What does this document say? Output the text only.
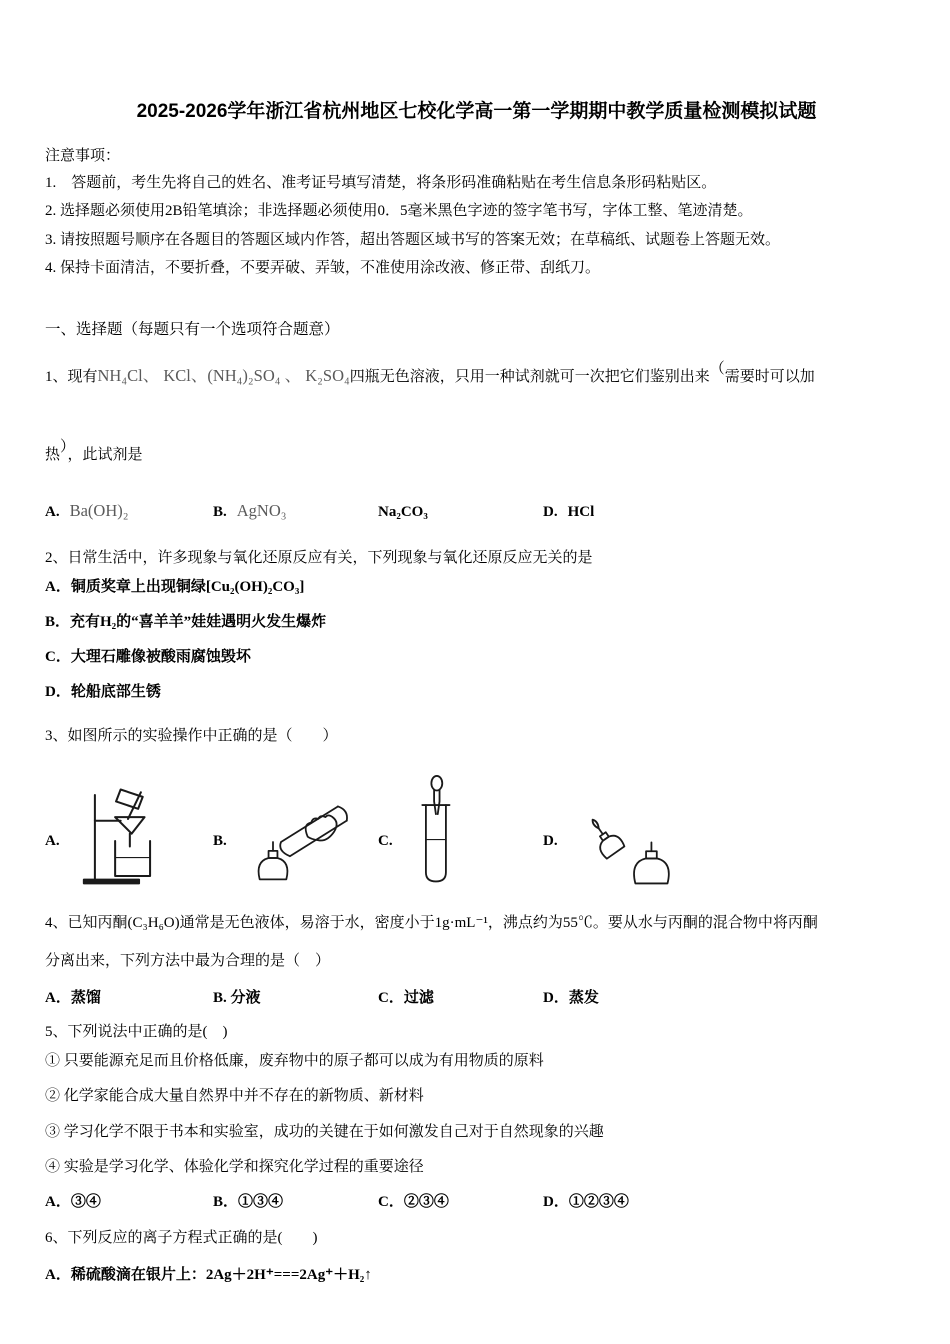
2025-2026学年浙江省杭州地区七校化学高一第一学期期中教学质量检测模拟试题

注意事项：

1.　答题前，考生先将自己的姓名、准考证号填写清楚，将条形码准确粘贴在考生信息条形码粘贴区。

2. 选择题必须使用2B铅笔填涂；非选择题必须使用0．5毫米黑色字迹的签字笔书写，字体工整、笔迹清楚。

3. 请按照题号顺序在各题目的答题区域内作答，超出答题区域书写的答案无效；在草稿纸、试题卷上答题无效。

4. 保持卡面清洁，不要折叠，不要弄破、弄皱，不准使用涂改液、修正带、刮纸刀。

一、选择题（每题只有一个选项符合题意）

1、现有NH₄Cl、 KCl、(NH₄)₂SO₄ 、 K₂SO₄四瓶无色溶液，只用一种试剂就可一次把它们鉴别出来（需要时可以加

热），此试剂是

A. Ba(OH)₂	B. AgNO₃	Na₂CO₃	D. HCl

2、日常生活中，许多现象与氧化还原反应有关，下列现象与氧化还原反应无关的是

A．铜质奖章上出现铜绿[Cu₂(OH)₂CO₃]

B．充有H₂的“喜羊羊”娃娃遇明火发生爆炸

C．大理石雕像被酸雨腐蚀毁坏

D．轮船底部生锈

3、如图所示的实验操作中正确的是（　　）

A.	B.	C.	D.

4、已知丙酮(C₃H₆O)通常是无色液体，易溶于水，密度小于1g·mL⁻¹，沸点约为55℃。要从水与丙酮的混合物中将丙酮

分离出来，下列方法中最为合理的是（　）

A．蒸馏	B. 分液	C．过滤	D．蒸发

5、下列说法中正确的是(　)

① 只要能源充足而且价格低廉，废弃物中的原子都可以成为有用物质的原料

② 化学家能合成大量自然界中并不存在的新物质、新材料

③ 学习化学不限于书本和实验室，成功的关键在于如何激发自己对于自然现象的兴趣

④ 实验是学习化学、体验化学和探究化学过程的重要途径

A．③④	B．①③④	C．②③④	D．①②③④

6、下列反应的离子方程式正确的是(　　)

A．稀硫酸滴在银片上：2Ag＋2H⁺===2Ag⁺＋H₂↑
